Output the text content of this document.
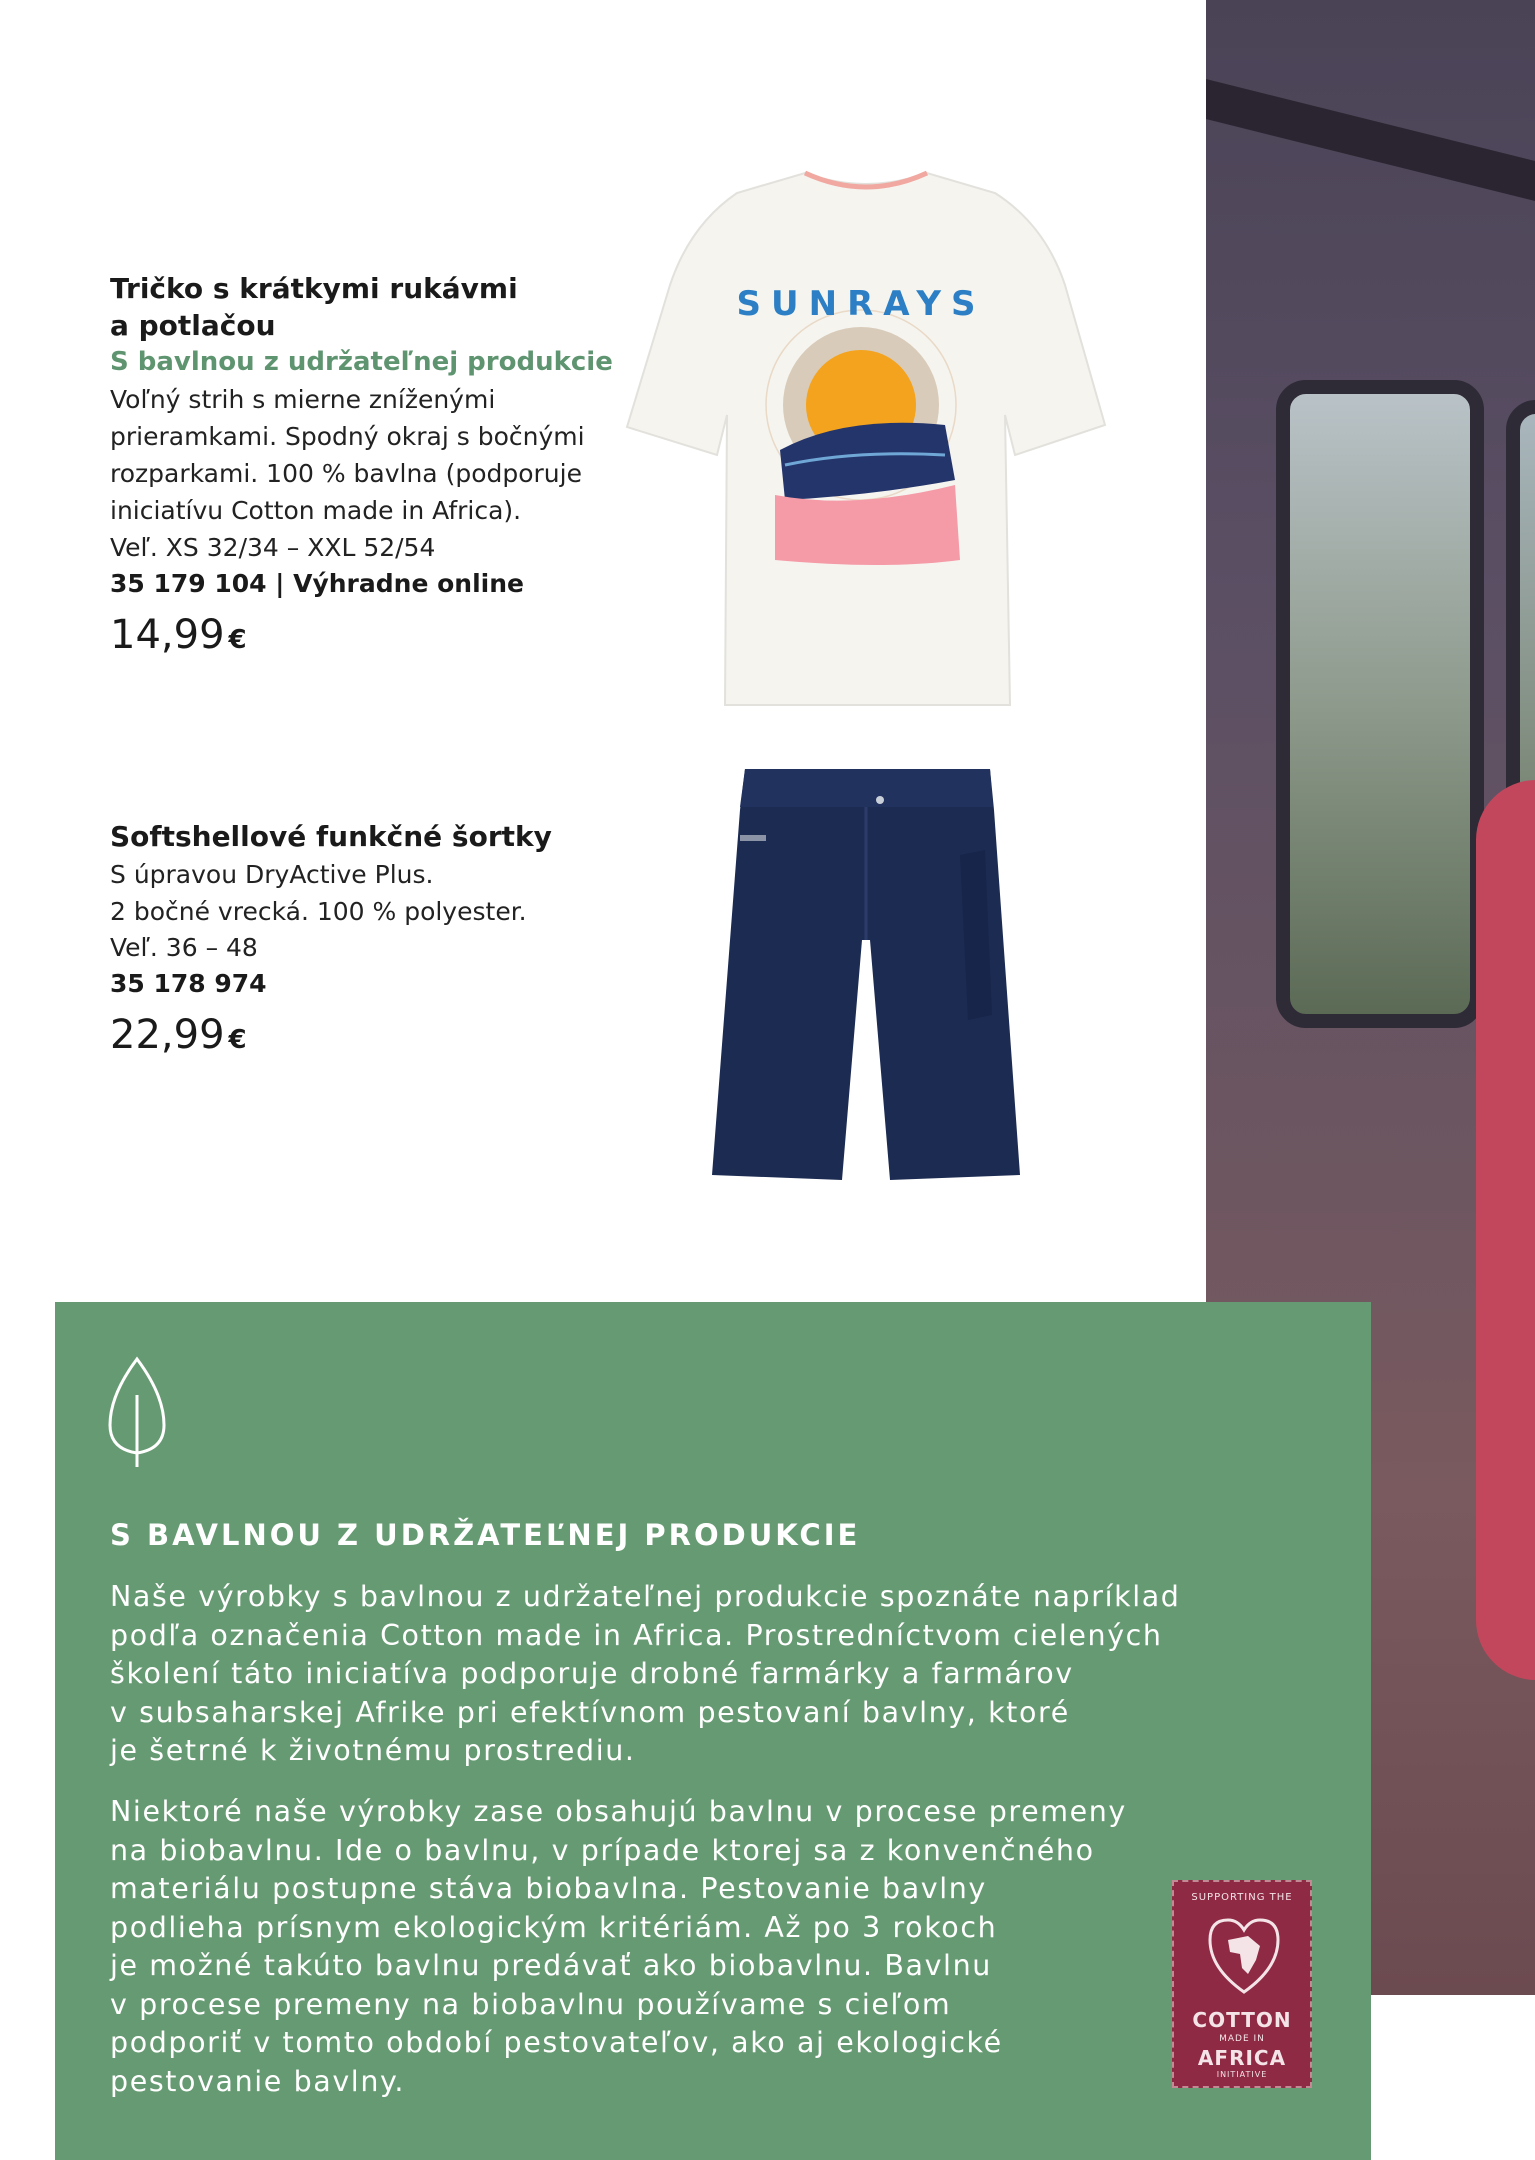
SUNRAYS
Tričko s krátkymi rukávmi
a potlačou
S bavlnou z udržateľnej produkcie
Voľný strih s mierne zníženými
prieramkami. Spodný okraj s bočnými
rozparkami. 100 % bavlna (podporuje
iniciatívu Cotton made in Africa).
Veľ. XS 32/34 – XXL 52/54
35 179 104 | Výhradne online
14,99 €
Softshellové funkčné šortky
S úpravou DryActive Plus.
2 bočné vrecká. 100 % polyester.
Veľ. 36 – 48
35 178 974
22,99 €
S BAVLNOU Z UDRŽATEĽNEJ PRODUKCIE

Naše výrobky s bavlnou z udržateľnej produkcie spoznáte napríklad
podľa označenia Cotton made in Africa. Prostredníctvom cielených
školení táto iniciatíva podporuje drobné farmárky a farmárov
v subsaharskej Afrike pri efektívnom pestovaní bavlny, ktoré
je šetrné k životnému prostrediu.

Niektoré naše výrobky zase obsahujú bavlnu v procese premeny
na biobavlnu. Ide o bavlnu, v prípade ktorej sa z konvenčného
materiálu postupne stáva biobavlna. Pestovanie bavlny
podlieha prísnym ekologickým kritériám. Až po 3 rokoch
je možné takúto bavlnu predávať ako biobavlnu. Bavlnu
v procese premeny na biobavlnu používame s cieľom
podporiť v tomto období pestovateľov, ako aj ekologické
pestovanie bavlny.

SUPPORTING THE
COTTON
MADE IN
AFRICA
INITIATIVE
